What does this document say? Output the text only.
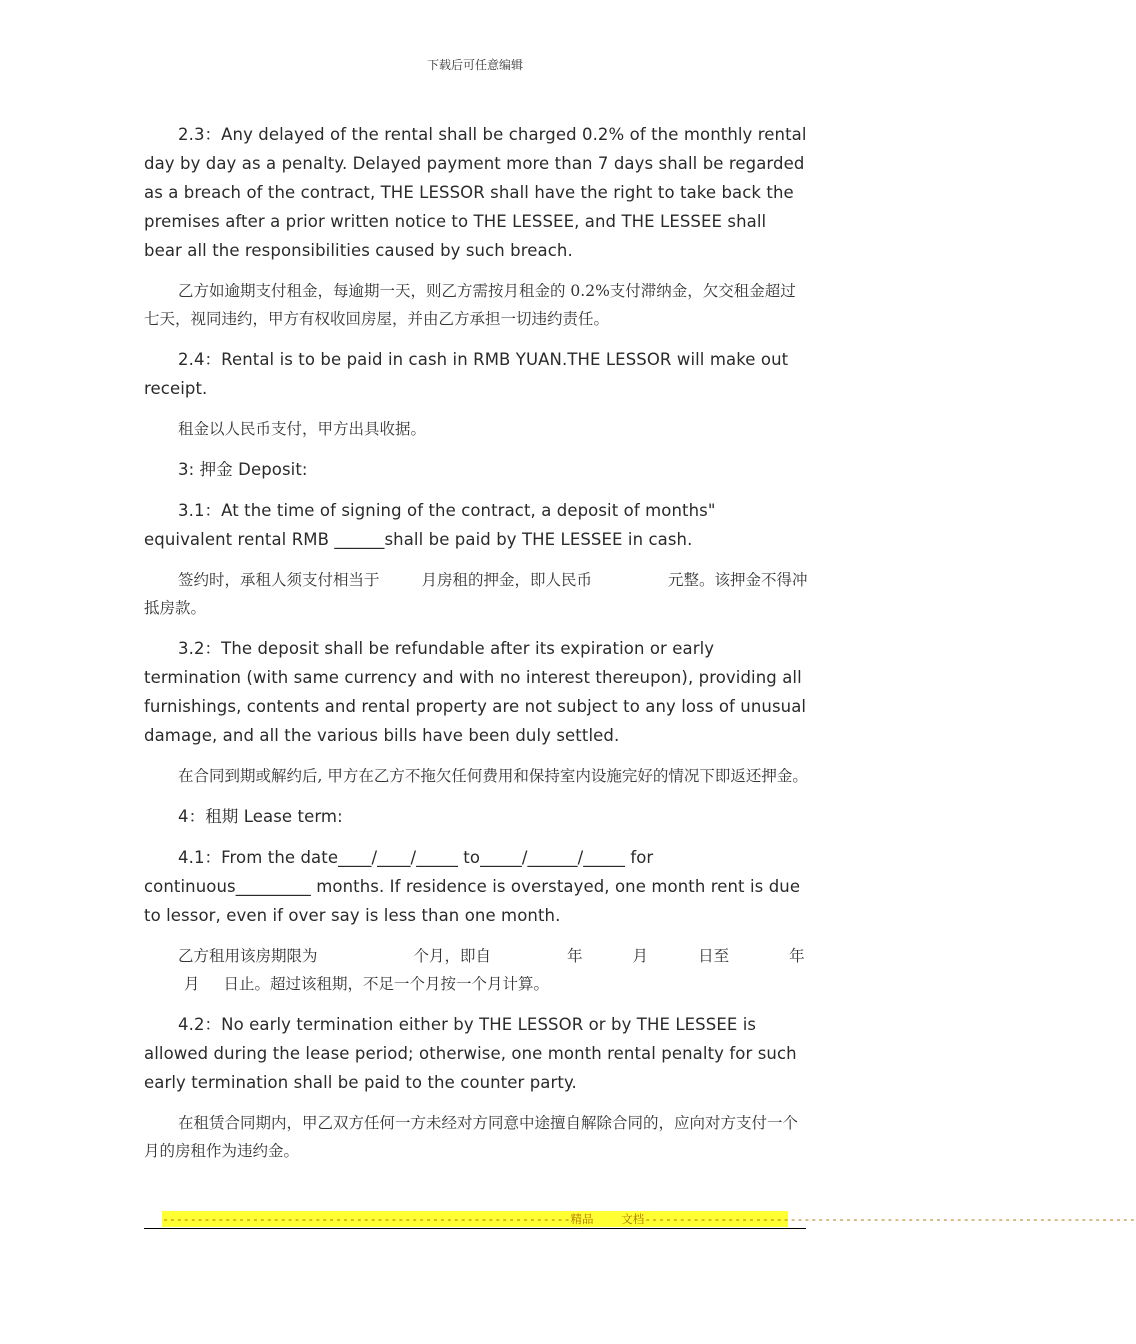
下载后可任意编辑

2.3：Any delayed of the rental shall be charged 0.2% of the monthly rental day by day as a penalty. Delayed payment more than 7 days shall be regarded as a breach of the contract, THE LESSOR shall have the right to take back the premises after a prior written notice to THE LESSEE, and THE LESSEE shall bear all the responsibilities caused by such breach.

乙方如逾期支付租金，每逾期一天，则乙方需按月租金的 0.2%支付滞纳金，欠交租金超过七天，视同违约，甲方有权收回房屋，并由乙方承担一切违约责任。

2.4：Rental is to be paid in cash in RMB YUAN.THE LESSOR will make out receipt.

租金以人民币支付，甲方出具收据。

3: 押金 Deposit:

3.1：At the time of signing of the contract, a deposit of months" equivalent rental RMB ______shall be paid by THE LESSEE in cash.

签约时，承租人须支付相当于	月房租的押金，即人民币	元整。该押金不得冲抵房款。

3.2：The deposit shall be refundable after its expiration or early termination (with same currency and with no interest thereupon), providing all furnishings, contents and rental property are not subject to any loss of unusual damage, and all the various bills have been duly settled.

在合同到期或解约后, 甲方在乙方不拖欠任何费用和保持室内设施完好的情况下即返还押金。

4：租期 Lease term:

4.1：From the date____/____/_____ to_____/______/_____ for continuous_________ months. If residence is overstayed, one month rent is due to lessor, even if over say is less than one month.

乙方租用该房期限为	个月，即自	年	月	日至	年月 日止。超过该租期，不足一个月按一个月计算。

4.2：No early termination either by THE LESSOR or by THE LESSEE is allowed during the lease period; otherwise, one month rental penalty for such early termination shall be paid to the counter party.

在租赁合同期内，甲乙双方任何一方未经对方同意中途擅自解除合同的，应向对方支付一个月的房租作为违约金。

-----------------------------------------------------------精品 文档-----------------------------------------------------------------------
